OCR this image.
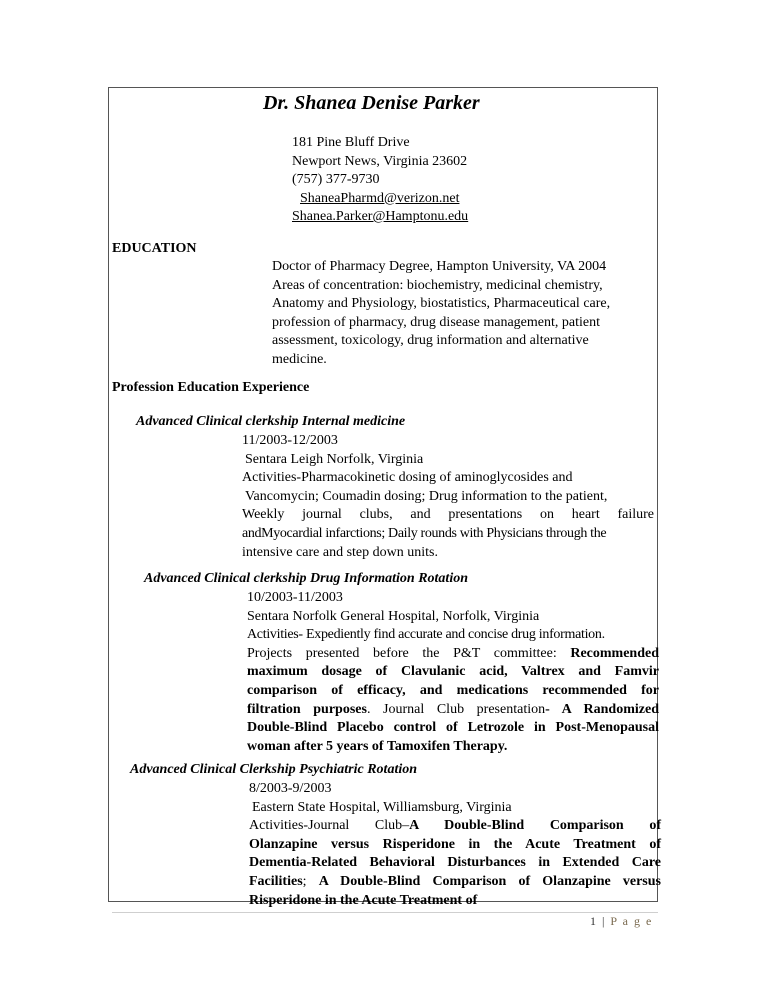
Dr. Shanea Denise Parker
181 Pine Bluff Drive
Newport News, Virginia 23602
(757) 377-9730
ShaneaPharmd@verizon.net
Shanea.Parker@Hamptonu.edu
EDUCATION
Doctor of Pharmacy Degree, Hampton University, VA 2004
Areas of concentration: biochemistry, medicinal chemistry,
Anatomy and Physiology, biostatistics, Pharmaceutical care,
profession of pharmacy, drug disease management, patient
assessment, toxicology, drug information and alternative
medicine.
Profession Education Experience
Advanced Clinical clerkship Internal medicine
11/2003-12/2003
Sentara Leigh Norfolk, Virginia
Activities-Pharmacokinetic dosing of aminoglycosides and
Vancomycin; Coumadin dosing; Drug information to the patient,
Weekly journal clubs, and presentations on heart failure
andMyocardial infarctions; Daily rounds with Physicians through the
intensive care and step down units.
Advanced Clinical clerkship Drug Information Rotation
10/2003-11/2003
Sentara Norfolk General Hospital, Norfolk, Virginia
Activities- Expediently find accurate and concise drug information.
Projects presented before the P&T committee: Recommended
maximum dosage of Clavulanic acid, Valtrex and Famvir
comparison of efficacy, and medications recommended for
filtration purposes. Journal Club presentation- A Randomized
Double-Blind Placebo control of Letrozole in Post-Menopausal
woman after 5 years of Tamoxifen Therapy.
Advanced Clinical Clerkship Psychiatric Rotation
8/2003-9/2003
Eastern State Hospital, Williamsburg, Virginia
Activities-Journal Club–A Double-Blind Comparison of
Olanzapine versus Risperidone in the Acute Treatment of
Dementia-Related Behavioral Disturbances in Extended Care
Facilities; A Double-Blind Comparison of Olanzapine versus
Risperidone in the Acute Treatment of
1 | P a g e
